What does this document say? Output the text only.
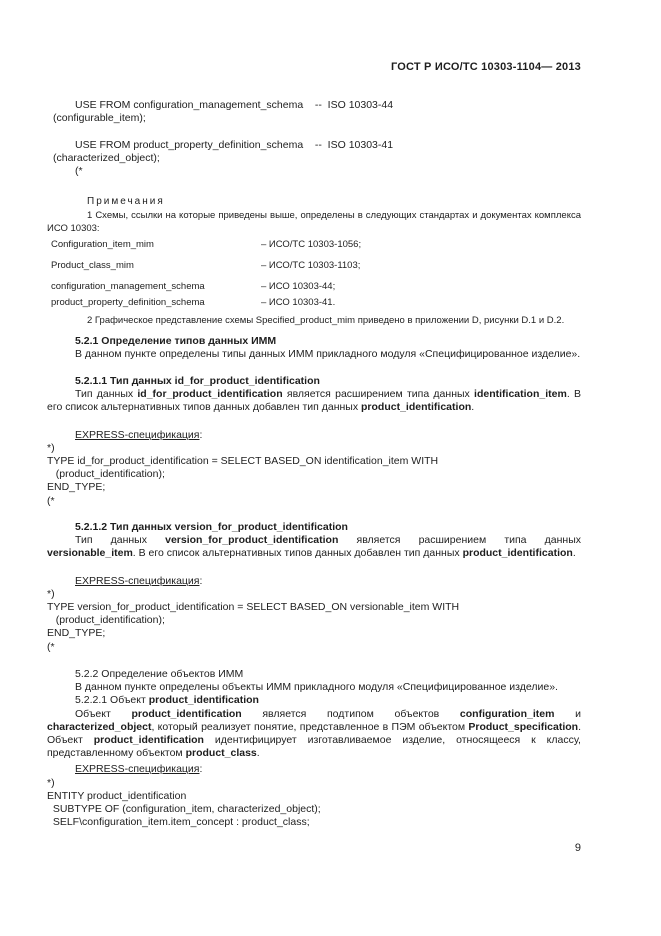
ГОСТ Р ИСО/ТС 10303-1104— 2013
USE FROM configuration_management_schema    --  ISO 10303-44
(configurable_item);
USE FROM product_property_definition_schema    --  ISO 10303-41
(characterized_object);
(*
Примечания
1 Схемы, ссылки на которые приведены выше, определены в следующих стандартах и документах комплекса ИСО 10303:
Configuration_item_mim	– ИСО/ТС 10303-1056;
Product_class_mim	– ИСО/ТС 10303-1103;
configuration_management_schema	– ИСО 10303-44;
product_property_definition_schema	– ИСО 10303-41.
2 Графическое представление схемы Specified_product_mim приведено в приложении D, рисунки D.1 и D.2.
5.2.1 Определение типов данных ИММ
В данном пункте определены типы данных ИММ прикладного модуля «Специфицированное изделие».
5.2.1.1 Тип данных id_for_product_identification
Тип данных id_for_product_identification является расширением типа данных identification_item. В его список альтернативных типов данных добавлен тип данных product_identification.
EXPRESS-спецификация:
*)
TYPE id_for_product_identification = SELECT BASED_ON identification_item WITH
(product_identification);
END_TYPE;
(*
5.2.1.2 Тип данных version_for_product_identification
Тип данных version_for_product_identification является расширением типа данных versionable_item. В его список альтернативных типов данных добавлен тип данных product_identification.
EXPRESS-спецификация:
*)
TYPE version_for_product_identification = SELECT BASED_ON versionable_item WITH
(product_identification);
END_TYPE;
(*
5.2.2 Определение объектов ИММ
В данном пункте определены объекты ИММ прикладного модуля «Специфицированное изделие».
5.2.2.1 Объект product_identification
Объект product_identification является подтипом объектов configuration_item и characterized_object, который реализует понятие, представленное в ПЭМ объектом Product_specification. Объект product_identification идентифицирует изготавливаемое изделие, относящееся к классу, представленному объектом product_class.
EXPRESS-спецификация:
*)
ENTITY product_identification
SUBTYPE OF (configuration_item, characterized_object);
SELF\configuration_item.item_concept : product_class;
9
